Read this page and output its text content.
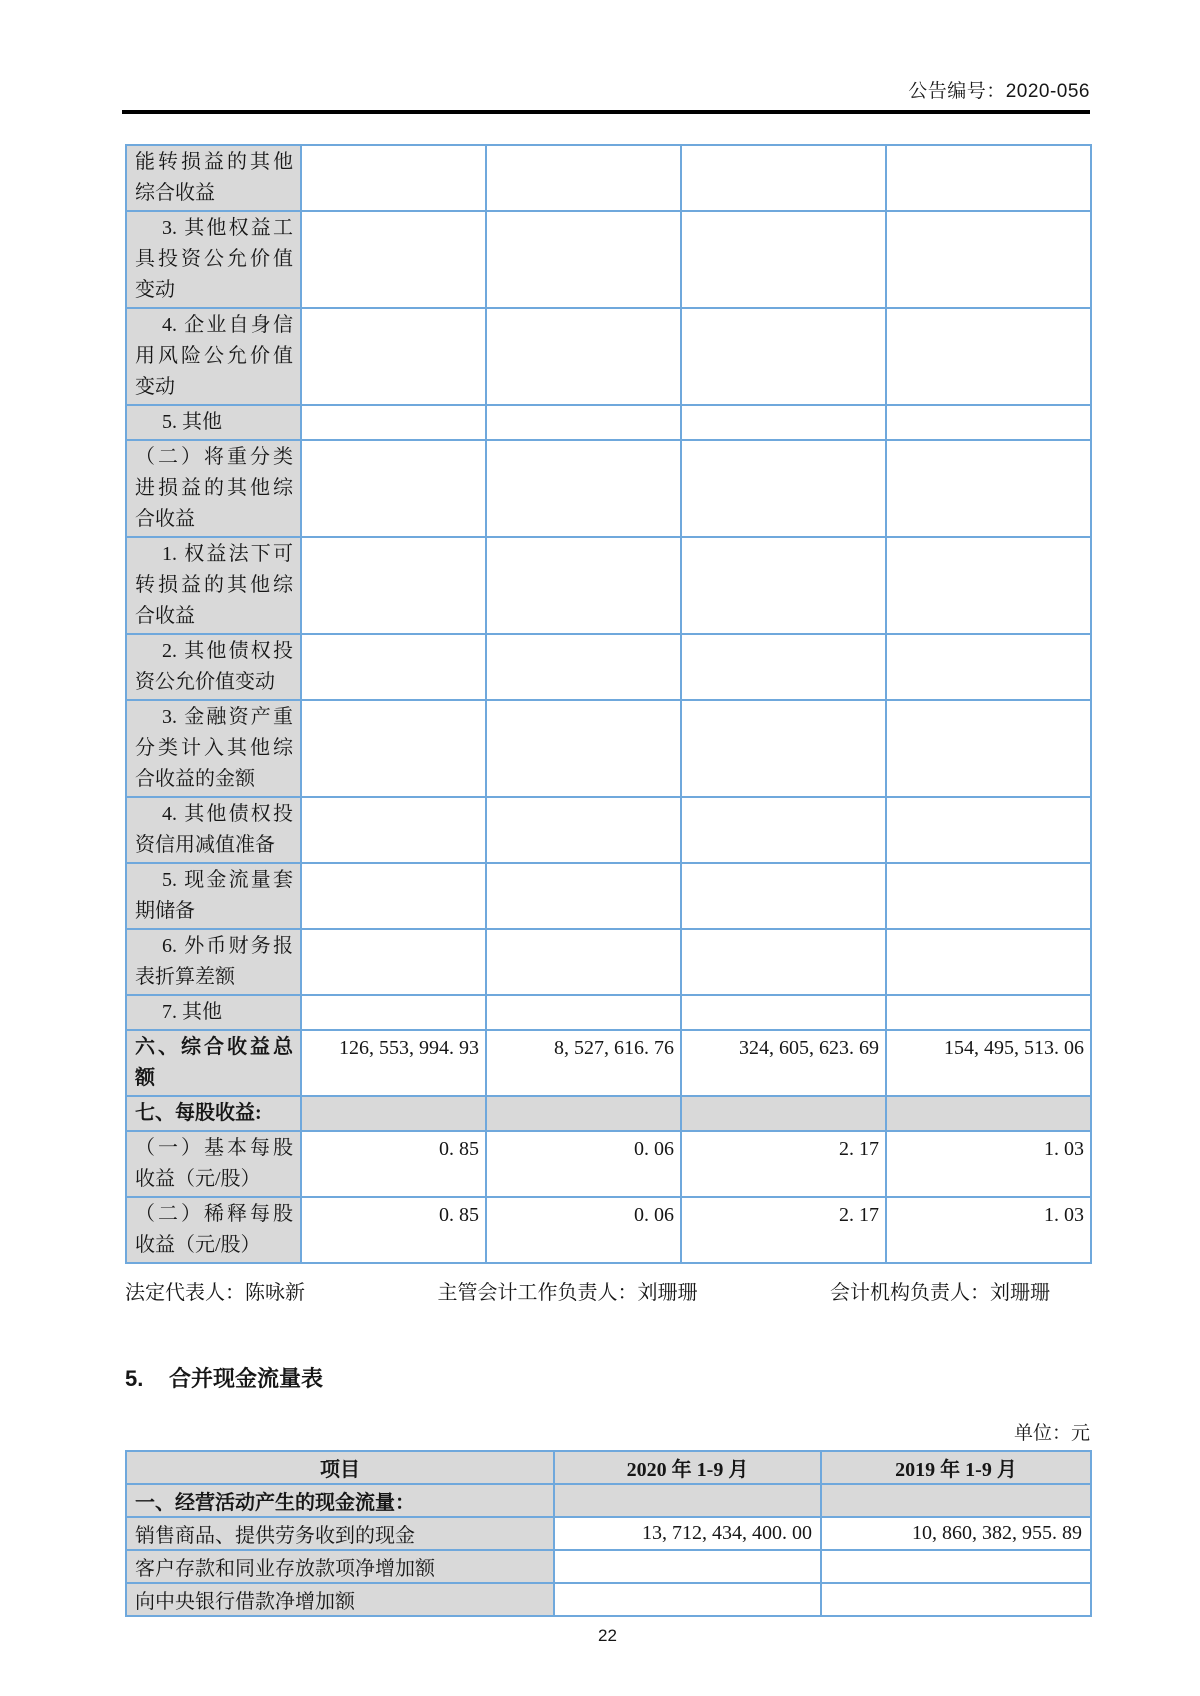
公告编号：2020-056
能转损益的其他综合收益				
3. 其他权益工具投资公允价值变动				
4. 企业自身信用风险公允价值变动				
5. 其他				
（二）将重分类进损益的其他综合收益				
1. 权益法下可转损益的其他综合收益				
2. 其他债权投资公允价值变动				
3. 金融资产重分类计入其他综合收益的金额				
4. 其他债权投资信用减值准备				
5. 现金流量套期储备				
6. 外币财务报表折算差额				
7. 其他				
六、综合收益总额	126, 553, 994. 93	8, 527, 616. 76	324, 605, 623. 69	154, 495, 513. 06
七、每股收益:				
（一）基本每股收益（元/股）	0. 85	0. 06	2. 17	1. 03
（二）稀释每股收益（元/股）	0. 85	0. 06	2. 17	1. 03
法定代表人：陈咏新	主管会计工作负责人：刘珊珊	会计机构负责人：刘珊珊
5. 合并现金流量表
单位：元
项目	2020 年 1-9 月	2019 年 1-9 月
一、经营活动产生的现金流量：		
销售商品、提供劳务收到的现金	13, 712, 434, 400. 00	10, 860, 382, 955. 89
客户存款和同业存放款项净增加额		
向中央银行借款净增加额		
22
